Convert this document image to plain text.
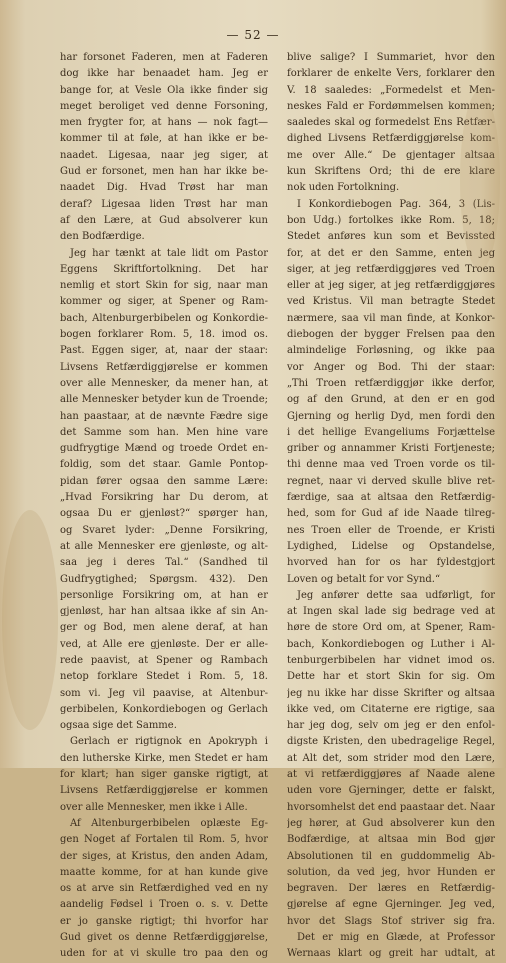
— 52 —
har forsonet Faderen, men at Faderen
dog ikke har benaadet ham. Jeg er
bange for, at Vesle Ola ikke finder sig
meget beroliget ved denne Forsoning,
men frygter for, at hans — nok fagt—
kommer til at føle, at han ikke er be-
naadet. Ligesaa, naar jeg siger, at
Gud er forsonet, men han har ikke be-
naadet Dig. Hvad Trøst har man
deraf? Ligesaa liden Trøst har man
af den Lære, at Gud absolverer kun
den Bodfærdige.
Jeg har tænkt at tale lidt om Pastor
Eggens Skriftfortolkning. Det har
nemlig et stort Skin for sig, naar man
kommer og siger, at Spener og Ram-
bach, Altenburgerbibelen og Konkordie-
bogen forklarer Rom. 5, 18. imod os.
Past. Eggen siger, at, naar der staar:
Livsens Retfærdiggjørelse er kommen
over alle Mennesker, da mener han, at
alle Mennesker betyder kun de Troende;
han paastaar, at de nævnte Fædre sige
det Samme som han. Men hine vare
gudfrygtige Mænd og troede Ordet en-
foldig, som det staar. Gamle Pontop-
pidan fører ogsaa den samme Lære:
„Hvad Forsikring har Du derom, at
ogsaa Du er gjenløst?“ spørger han,
og Svaret lyder: „Denne Forsikring,
at alle Mennesker ere gjenløste, og alt-
saa jeg i deres Tal.“ (Sandhed til
Gudfrygtighed; Spørgsm. 432). Den
personlige Forsikring om, at han er
gjenløst, har han altsaa ikke af sin An-
ger og Bod, men alene deraf, at han
ved, at Alle ere gjenløste. Der er alle-
rede paavist, at Spener og Rambach
netop forklare Stedet i Rom. 5, 18.
som vi. Jeg vil paavise, at Altenbur-
gerbibelen, Konkordiebogen og Gerlach
ogsaa sige det Samme.
Gerlach er rigtignok en Apokryph i
den lutherske Kirke, men Stedet er ham
for klart; han siger ganske rigtigt, at
Livsens Retfærdiggjørelse er kommen
over alle Mennesker, men ikke i Alle.
Af Altenburgerbibelen oplæste Eg-
gen Noget af Fortalen til Rom. 5, hvor
der siges, at Kristus, den anden Adam,
maatte komme, for at han kunde give
os at arve sin Retfærdighed ved en ny
aandelig Fødsel i Troen o. s. v. Dette
er jo ganske rigtigt; thi hvorfor har
Gud givet os denne Retfærdiggjørelse,
uden for at vi skulle tro paa den og
blive salige? I Summariet, hvor den
forklarer de enkelte Vers, forklarer den
V. 18 saaledes: „Formedelst et Men-
neskes Fald er Fordømmelsen kommen;
saaledes skal og formedelst Ens Retfær-
dighed Livsens Retfærdiggjørelse kom-
me over Alle.“ De gjentager altsaa
kun Skriftens Ord; thi de ere klare
nok uden Fortolkning.
I Konkordiebogen Pag. 364, 3 (Lis-
bon Udg.) fortolkes ikke Rom. 5, 18;
Stedet anføres kun som et Bevissted
for, at det er den Samme, enten jeg
siger, at jeg retfærdiggjøres ved Troen
eller at jeg siger, at jeg retfærdiggjøres
ved Kristus. Vil man betragte Stedet
nærmere, saa vil man finde, at Konkor-
diebogen der bygger Frelsen paa den
almindelige Forløsning, og ikke paa
vor Anger og Bod. Thi der staar:
„Thi Troen retfærdiggjør ikke derfor,
og af den Grund, at den er en god
Gjerning og herlig Dyd, men fordi den
i det hellige Evangeliums Forjættelse
griber og annammer Kristi Fortjeneste;
thi denne maa ved Troen vorde os til-
regnet, naar vi derved skulle blive ret-
færdige, saa at altsaa den Retfærdig-
hed, som for Gud af ide Naade tilreg-
nes Troen eller de Troende, er Kristi
Lydighed, Lidelse og Opstandelse,
hvorved han for os har fyldestgjort
Loven og betalt for vor Synd.“
Jeg anfører dette saa udførligt, for
at Ingen skal lade sig bedrage ved at
høre de store Ord om, at Spener, Ram-
bach, Konkordiebogen og Luther i Al-
tenburgerbibelen har vidnet imod os.
Dette har et stort Skin for sig. Om
jeg nu ikke har disse Skrifter og altsaa
ikke ved, om Citaterne ere rigtige, saa
har jeg dog, selv om jeg er den enfol-
digste Kristen, den ubedragelige Regel,
at Alt det, som strider mod den Lære,
at vi retfærdiggjøres af Naade alene
uden vore Gjerninger, dette er falskt,
hvorsomhelst det end paastaar det. Naar
jeg hører, at Gud absolverer kun den
Bodfærdige, at altsaa min Bod gjør
Absolutionen til en guddommelig Ab-
solution, da ved jeg, hvor Hunden er
begraven. Der læres en Retfærdig-
gjørelse af egne Gjerninger. Jeg ved,
hvor det Slags Stof striver sig fra.
Det er mig en Glæde, at Professor
Wernaas klart og greit har udtalt, at
